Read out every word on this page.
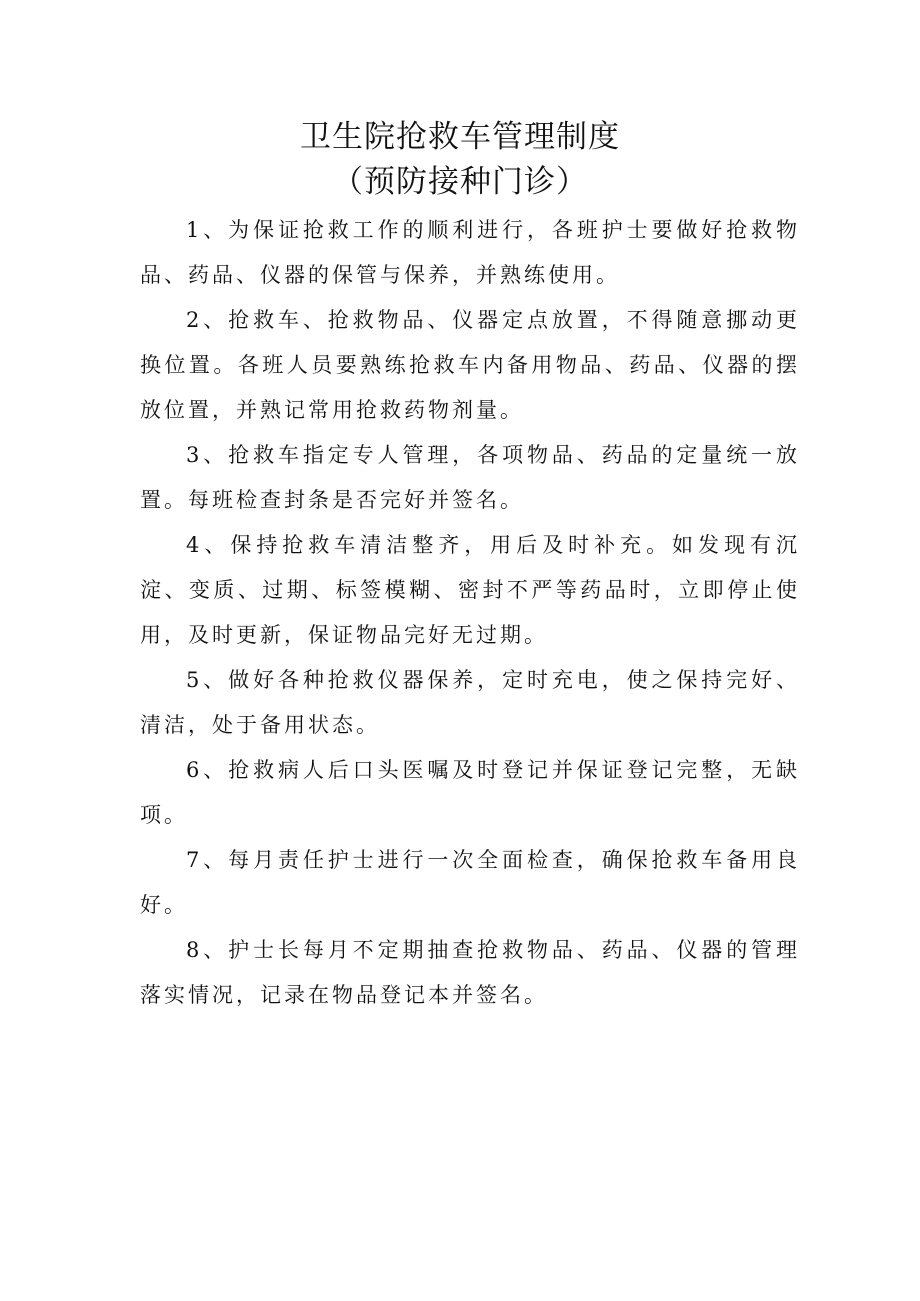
卫生院抢救车管理制度
（预防接种门诊）

1、为保证抢救工作的顺利进行，各班护士要做好抢救物品、药品、仪器的保管与保养，并熟练使用。

2、抢救车、抢救物品、仪器定点放置，不得随意挪动更换位置。各班人员要熟练抢救车内备用物品、药品、仪器的摆放位置，并熟记常用抢救药物剂量。

3、抢救车指定专人管理，各项物品、药品的定量统一放置。每班检查封条是否完好并签名。

4、保持抢救车清洁整齐，用后及时补充。如发现有沉淀、变质、过期、标签模糊、密封不严等药品时，立即停止使用，及时更新，保证物品完好无过期。

5、做好各种抢救仪器保养，定时充电，使之保持完好、清洁，处于备用状态。

6、抢救病人后口头医嘱及时登记并保证登记完整，无缺项。

7、每月责任护士进行一次全面检查，确保抢救车备用良好。

8、护士长每月不定期抽查抢救物品、药品、仪器的管理落实情况，记录在物品登记本并签名。
